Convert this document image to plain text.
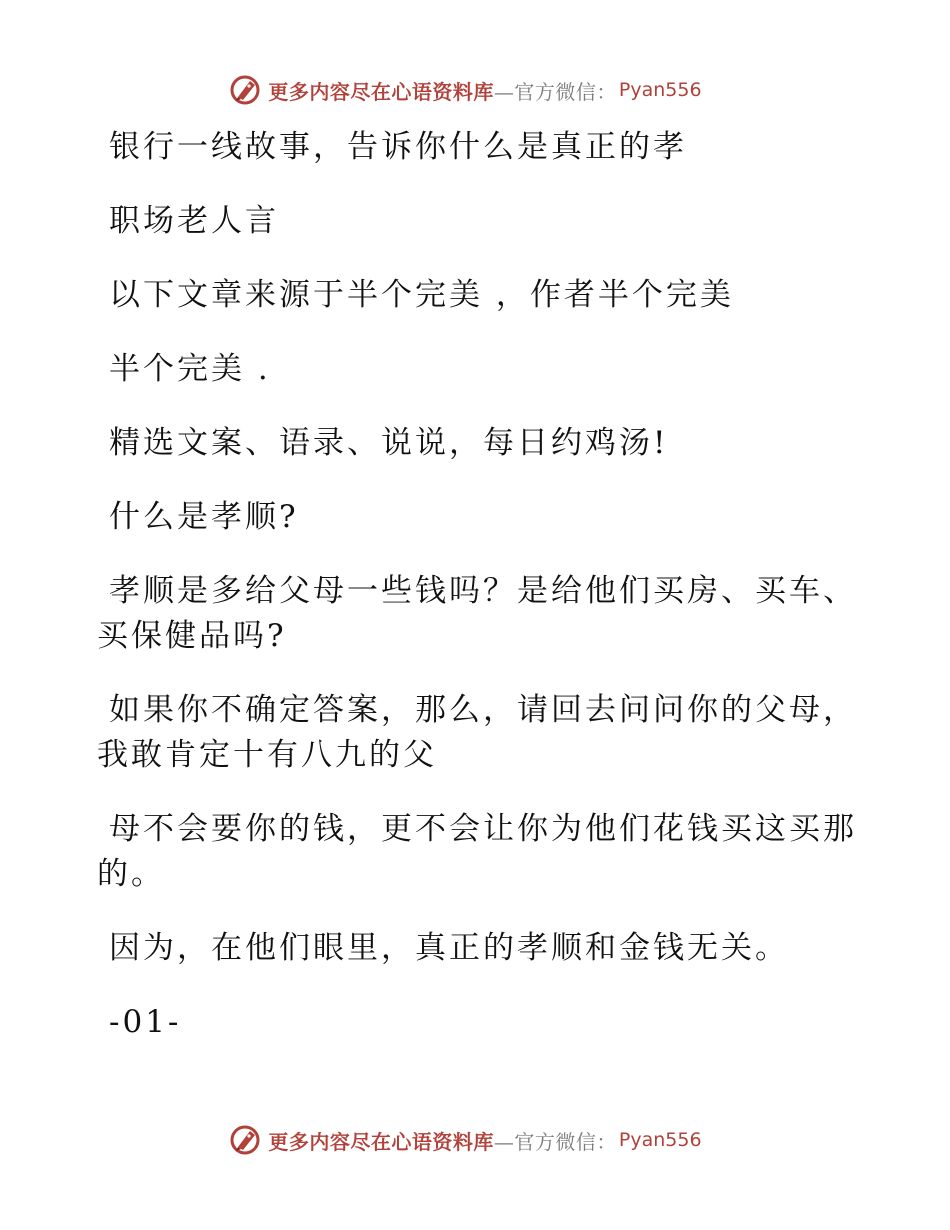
更多内容尽在心语资料库 —官方微信： Pyan556

银行一线故事，告诉你什么是真正的孝

职场老人言

以下文章来源于半个完美 ，作者半个完美

半个完美 .

精选文案、语录、说说，每日约鸡汤!

什么是孝顺?

孝顺是多给父母一些钱吗？是给他们买房、买车、买保健品吗?

如果你不确定答案，那么，请回去问问你的父母，我敢肯定十有八九的父

母不会要你的钱，更不会让你为他们花钱买这买那的。

因为，在他们眼里，真正的孝顺和金钱无关。

-01-

更多内容尽在心语资料库 —官方微信： Pyan556
